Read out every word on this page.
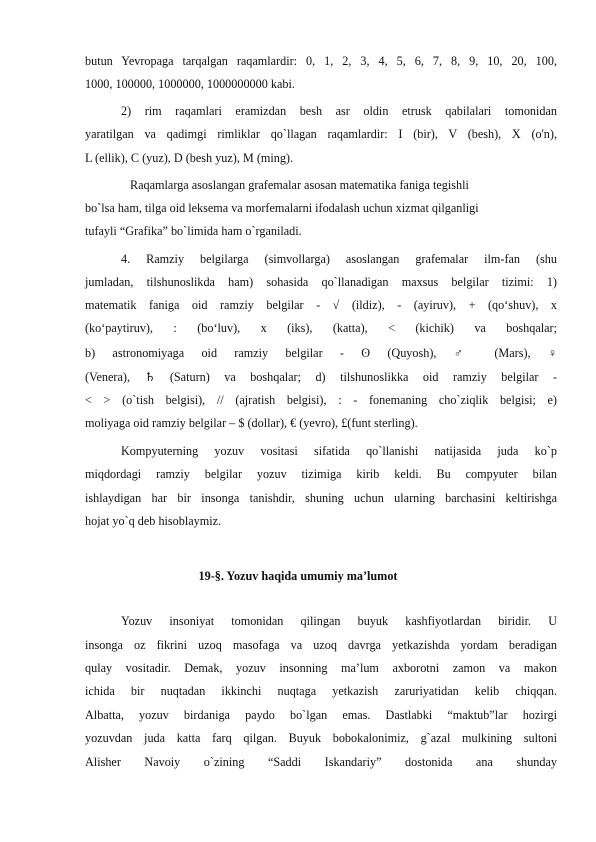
butun Yevropaga tarqalgan raqamlardir: 0, 1, 2, 3, 4, 5, 6, 7, 8, 9, 10, 20, 100,
1000, 100000, 1000000, 1000000000 kabi.
2) rim raqamlari eramizdan besh asr oldin etrusk qabilalari tomonidan
yaratilgan va qadimgi rimliklar qo`llagan raqamlardir: I (bir), V (besh), X (o'n),
L (ellik), C (yuz), D (besh yuz), M (ming).
Raqamlarga asoslangan grafemalar asosan matematika faniga tegishli
bo`lsa ham, tilga oid leksema va morfemalarni ifodalash uchun xizmat qilganligi
tufayli “Grafika” bo`limida ham o`rganiladi.
4. Ramziy belgilarga (simvollarga) asoslangan grafemalar ilm-fan (shu
jumladan, tilshunoslikda ham) sohasida qo`llanadigan maxsus belgilar tizimi: 1)
matematik faniga oid ramziy belgilar - √ (ildiz), - (ayiruv), + (qo‘shuv), x
(ko‘paytiruv), : (bo‘luv), x (iks), (katta), < (kichik) va boshqalar;
b) astronomiyaga oid ramziy belgilar - ʘ (Quyosh), ♂ (Mars), ♀
(Venera), ♄ (Saturn) va boshqalar; d) tilshunoslikka oid ramziy belgilar -
< > (o`tish belgisi), // (ajratish belgisi), : - fonemaning cho`ziqlik belgisi; e)
moliyaga oid ramziy belgilar – $ (dollar), € (yevro), £(funt sterling).
Kompyuterning yozuv vositasi sifatida qo`llanishi natijasida juda ko`p
miqdordagi ramziy belgilar yozuv tizimiga kirib keldi. Bu compyuter bilan
ishlaydigan har bir insonga tanishdir, shuning uchun ularning barchasini keltirishga
hojat yo`q deb hisoblaymiz.
19-§. Yozuv haqida umumiy ma’lumot
Yozuv insoniyat tomonidan qilingan buyuk kashfiyotlardan biridir. U
insonga oz fikrini uzoq masofaga va uzoq davrga yetkazishda yordam beradigan
qulay vositadir. Demak, yozuv insonning ma’lum axborotni zamon va makon
ichida bir nuqtadan ikkinchi nuqtaga yetkazish zaruriyatidan kelib chiqqan.
Albatta, yozuv birdaniga paydo bo`lgan emas. Dastlabki “maktub”lar hozirgi
yozuvdan juda katta farq qilgan. Buyuk bobokalonimiz, g`azal mulkining sultoni
Alisher Navoiy o`zining “Saddi Iskandariy” dostonida ana shunday
